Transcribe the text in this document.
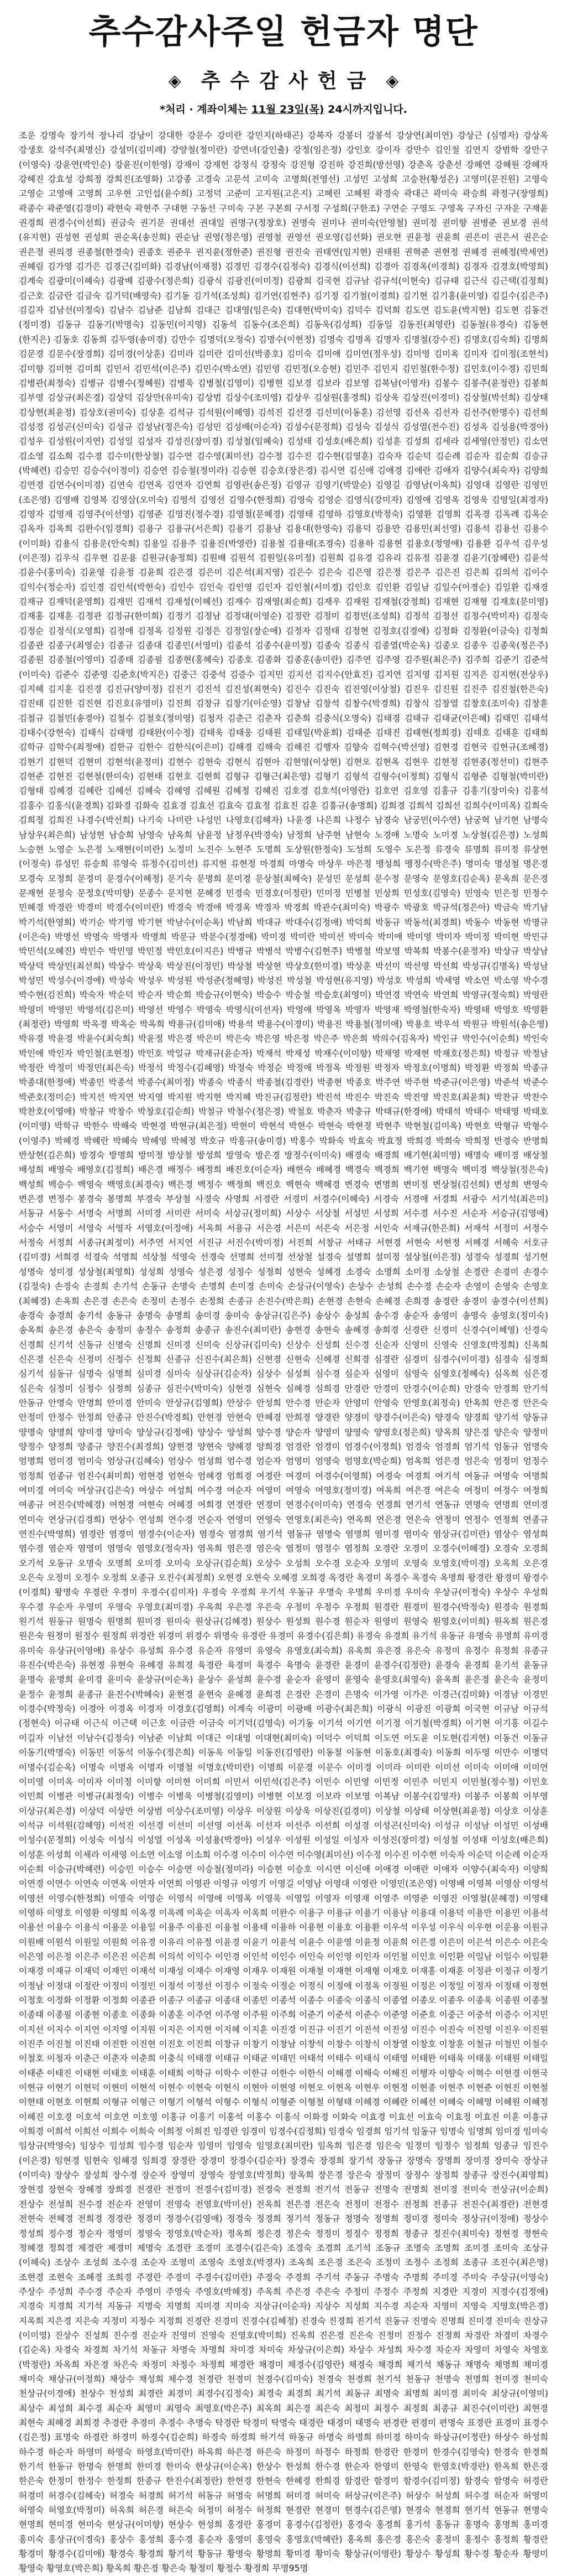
추수감사주일 헌금자 명단
◈ 추수감사헌금 ◈
*처리 · 계좌이체는 11월 23일(목) 24시까지입니다.
조운 강명숙 장기석 장나리 강낭이 강대한 강문수 강미란 강민지(하태곤) 강복자 강봉더 강봉석 강상연(최미연) 강상근 (심명자) 강상옥 강생호 강석주(최명신) 강성미(김미례) 강양철(정미란) 강연녀(강인출) 강정(임은정) 강인호 강이자 강만수 김인철 김연지 강범학 강만구(이영숙) 강윤연(박인순) 강윤진(이한영) 강재이 강재헌 강정식 강정숙 강진형 강진하 강진희(방선영) 강춘옥 강춘선 강혜연 강혜원 강혜자 강혜진 강효성 강희정 강희진(조영화) 고강종 고경숙 고문석 고미숙 고명희(전영선) 고성민 고성희 고승찬(황성은) 고영미(문진원) 고영숙 고영순 고영애 고영희 고우현 고인섭(윤수희) 고정덕 고준미 고지원(고은지) 고혜린 고혜원 곽경숙 곽대근 곽미숙 곽승희 곽정구(장영희) 곽종수 곽준영(김경미) 곽현숙 곽현주 구대현 구동선 구미숙 구본 구본희 구서정 구성희(구한조) 구연순 구영도 구영옥 구자신 구자운 구재윤 권경희 권경수(이선희) 권금숙 권기문 권대선 권대일 권명구(정창호) 권명숙 권미나 권미숙(안영철) 권미정 권미향 권병준 권보경 권석(유지현) 권성현 권성희 권순옥(송진희) 권순남 권영(정은영) 권영철 권영선 권오영(김선화) 권오현 권윤정 권윤희 권은미 권은서 권은순 권은정 권의경 권종철(한경숙) 권종호 권준우 권지윤(정한준) 권진형 권진숙 권태연(임지현) 권태원 권혁준 권현정 권혜경 권혜정(박세연) 권혜림 김가영 김가은 김경근(김미화) 김경남(이재정) 김경민 김경수(김정숙) 김경식(이선희) 김경아 김경옥(이경희) 김경자 김경호(박영희) 김계숙 김광미(이혜숙) 김광배 김광수(정은희) 김광식 김광진(이미정) 김광희 김국현 김규남 김규석(이현숙) 김규태 김근식 김근택(김정희) 김근호 김금란 김금숙 김기덕(배영숙) 김기동 김기석(조성희) 김기연(김현주) 김기정 김기철(이경희) 김기현 김기홍(윤미영) 김길수(김은주) 김길자 김남선(이정숙) 김남수 김남준 김남희 김대근 김대영(임은숙) 김대현(박미숙) 김덕수 김덕희 김도연 김도윤(박지현) 김도현 김동건(정미경) 김동규 김동기(박명숙) 김동민(이지영) 김동석 김동수(조은희) 김동욱(김성희) 김동일 김동진(최영란) 김동철(유경숙) 김동현(한지은) 김동호 김동희 김두영(송미경) 김만수 김명덕(오정숙) 김명수(이현정) 김명숙 김명옥 김명자 김명철(강수진) 김명호(김숙희) 김명희 김문경 김문수(장경희) 김미경(이상훈) 김미라 김미란 김미선(박종호) 김미숙 김미애 김미연(정우성) 김미영 김미옥 김미자 김미정(조현석) 김미향 김미현 김미희 김민서 김민석(이은주) 김민수(박소연) 김민영 김민정(오승현) 김민주 김민지 김민철(한수정) 김민호(이수경) 김민희 김병관(최정숙) 김병규 김병수(정혜원) 김병욱 김병철(김영미) 김병현 김보경 김보라 김보영 김복남(이영자) 김봉수 김봉주(윤정란) 김봉희 김부영 김상규(최은경) 김상덕 김상만(유미숙) 김상범 김상수(조미영) 김상우 김상원(홍경희) 김상욱 김상진(이경미) 김상철(박선희) 김상태 김상현(최윤정) 김상호(권미숙) 김상훈 김석규 김석원(이혜영) 김석진 김선경 김선미(이동훈) 김선영 김선옥 김선자 김선주(한명수) 김선희 김성경 김성곤(신미숙) 김성규 김성남(정은숙) 김성민 김성배(이순자) 김성수(문정희) 김성숙 김성식 김성열(전수진) 김성옥 김성용(박경아) 김성우 김성원(이지연) 김성일 김성자 김성진(장미경) 김성철(임혜숙) 김성태 김성호(배은희) 김성훈 김성희 김세라 김세영(안정민) 김소연 김소영 김소희 김수경 김수미(한상철) 김수연 김수영(최미선) 김수정 김수진 김수현(김영훈) 김숙자 김순덕 김순례 김순자 김순희 김승규(박혜련) 김승민 김승수(이정미) 김승연 김승철(정미라) 김승현 김승호(장은경) 김시연 김신애 김애경 김애란 김애자 김양수(최숙자) 김양희 김연경 김연수(이미경) 김연숙 김연옥 김연자 김연희 김영관(송은정) 김영규 김영기(박말순) 김영길 김영남(이옥희) 김영대 김영란 김영민(조은영) 김영배 김영복 김영삼(오미숙) 김영석 김영선 김영수(한정희) 김영숙 김영순 김영식(강미자) 김영애 김영옥 김영욱 김영일(최경자) 김영자 김영재 김영주(이선영) 김영준 김영진(정수경) 김영철(문혜경) 김영태 김영하 김영호(박정숙) 김영환 김영희 김옥경 김옥례 김옥순 김옥자 김옥희 김완수(임경희) 김용구 김용규(서은희) 김용기 김용남 김용대(한영숙) 김용덕 김용만 김용민(최선영) 김용석 김용선 김용수(이미화) 김용식 김용운(안숙희) 김용일 김용주 김용진(박영란) 김용철 김용태(조경숙) 김용하 김용현 김용호(정영애) 김용환 김우석 김우성(이은정) 김우식 김우현 김운용 김원규(송정희) 김원배 김원석 김원일(유미정) 김원희 김유경 김유리 김유정 김윤경 김윤기(장혜란) 김윤석 김윤수(홍미숙) 김윤영 김윤정 김윤희 김은경 김은미 김은석(최지영) 김은수 김은숙 김은영 김은정 김은주 김은진 김은희 김의석 김이수 김익수(정순자) 김인경 김인석(박현숙) 김인수 김인숙 김인영 김인자 김인철(서미경) 김인호 김인환 김일남 김일수(이경순) 김일환 김재경 김재규 김재덕(윤영희) 김재민 김재석 김재성(이혜선) 김재수 김재영(최순희) 김재우 김재원 김재철(강정희) 김재현 김재형 김재호(문미영) 김재홍 김재훈 김정관 김정규(한미희) 김정기 김정남 김정대(이영순) 김정란 김정미 김정민(조성희) 김정석 김정선 김정수(박미자) 김정숙 김정순 김정식(오영희) 김정애 김정옥 김정원 김정은 김정일(장순애) 김정자 김정태 김정현 김정호(김경애) 김정화 김정환(이금숙) 김정희 김종관 김종구(최영순) 김종규 김종대 김종민(서영미) 김종석 김종수(윤미정) 김종숙 김종식 김종열(박순옥) 김종오 김종우 김종욱(정은주) 김종원 김종철(이영미) 김종태 김종필 김종현(홍혜숙) 김종호 김종화 김종훈(송미란) 김주연 김주영 김주원(최은주) 김주희 김준기 김준석(이미숙) 김준수 김준영 김준호(박지은) 김중근 김중석 김증수 김지민 김지선 김지수(안효진) 김지연 김지영 김지원 김지은 김지현(전상우) 김지혜 김지훈 김진경 김진규(양미정) 김진기 김진석 김진성(최현숙) 김진수 김진숙 김진영(이상철) 김진우 김진원 김진주 김진철(한은숙) 김진태 김진한 김진현 김진호(유영미) 김진희 김창규 김창기(이순영) 김창남 김창석 김창수(박경희) 김창식 김창열 김창호(조미숙) 김창훈 김철규 김철민(송경아) 김철수 김철호(정미영) 김청자 김춘근 김춘자 김춘희 김충식(오명숙) 김태경 김태규 김태균(이은혜) 김태민 김태석 김태수(강현숙) 김태식 김태영 김태완(이수정) 김태욱 김태웅 김태원 김태일(박윤희) 김태준 김태진 김태현(정희경) 김태호 김태훈 김태희 김학규 김학수(최정애) 김한규 김한수 김한식(이은미) 김해경 김해숙 김해진 김행자 김향숙 김혁수(박선영) 김현경 김현국 김현규(조혜경) 김현기 김현덕 김현미 김현석(윤정미) 김현수 김현숙 김현식 김현아 김현영(이상현) 김현오 김현옥 김현우 김현정 김현종(정선미) 김현주 김현준 김현진 김현철(한미숙) 김현태 김현호 김현희 김형규 김형근(최은영) 김형기 김형석 김형수(이정희) 김형식 김형준 김형철(박미란) 김형태 김혜경 김혜란 김혜선 김혜숙 김혜영 김혜원 김혜정 김혜진 김호경 김호석(이영란) 김호연 김호영 김홍규 김홍기(장미숙) 김홍석 김홍수 김홍식(윤경희) 김화경 김화숙 김효경 김효선 김효숙 김효정 김효진 김훈 김흥규(송명희) 김희경 김희석 김희선 김희수(이미옥) 김희숙 김희정 김희진 나경수(박선희) 나기숙 나미란 나성민 나영호(김혜자) 나윤경 나은희 나정수 남경숙 남궁민(이수연) 남궁혁 남기현 남명숙 남상우(최은희) 남성현 남승희 남영숙 남옥희 남윤정 남정우(박경숙) 남정희 남주현 남현숙 노경애 노명숙 노미경 노상철(김은경) 노성희 노승현 노영순 노은정 노재현(이미란) 노정미 노진수 노현주 도명희 도상원(한정숙) 도성희 도영수 도은정 류경숙 류명희 류미정 류상현(이정숙) 류성민 류승희 류영숙 류정수(김미선) 류지현 류현정 마경희 마명숙 마상우 마은정 맹성희 맹정수(박은주) 명미숙 명성철 명은경 모경숙 모정희 문경미 문경수(이혜정) 문기숙 문명희 문미경 문상철(최혜숙) 문성민 문성희 문수정 문영숙 문영호(김순옥) 문옥희 문은경 문재현 문정숙 문정호(박미향) 문종수 문지현 문혜경 민경숙 민경호(이정란) 민미정 민병철 민상희 민성호(김영숙) 민영숙 민은정 민정수 민혜경 박경란 박경미 박경수(이미란) 박경숙 박경애 박경옥 박경자 박경희 박관수(최미숙) 박광수 박광호 박규석(정은아) 박금숙 박기남 박기석(한영희) 박기순 박기영 박기현 박남수(이순옥) 박남희 박대규 박대수(김정애) 박덕희 박동규 박동석(최경희) 박동수 박동현 박명규(이은숙) 박명선 박명숙 박명자 박명희 박문규 박문수(정경애) 박미경 박미란 박미선 박미숙 박미애 박미영 박미자 박미정 박미현 박민규 박민석(오혜진) 박민수 박민영 박민정 박민호(이지은) 박병규 박병석 박병수(김현주) 박병철 박보영 박복희 박봉수(윤정자) 박상규 박상남 박상덕 박상민(최선희) 박상수 박상욱 박상진(이정민) 박상철 박상현 박상호(한미경) 박상훈 박선미 박선영 박선희 박성규(김명옥) 박성남 박성민 박성수(이경애) 박성숙 박성우 박성원 박성준(정혜영) 박성진 박성철 박성현(유지영) 박성호 박성희 박세영 박소연 박소영 박수경 박수현(김진희) 박숙자 박순덕 박순자 박순희 박승규(이현숙) 박승수 박승철 박승호(최영미) 박연경 박연숙 박연희 박영규(정숙희) 박영란 박영미 박영민 박영석(김은미) 박영선 박영수 박영숙 박영식(이선자) 박영애 박영옥 박영자 박영재 박영철(한숙자) 박영태 박영호 박영환(최정란) 박영희 박옥경 박옥순 박옥희 박용규(김미애) 박용석 박용수(이경미) 박용진 박용철(정미애) 박용호 박우석 박원규 박원석(송은영) 박유경 박윤경 박윤수(최숙희) 박윤정 박은경 박은미 박은숙 박은영 박은정 박은주 박은희 박의수(김옥자) 박인규 박인수(이순희) 박인숙 박인애 박인자 박인철(조현정) 박인호 박일규 박재규(윤순자) 박재석 박재성 박재수(이미향) 박재영 박재현 박재호(정은희) 박정규 박정남 박정란 박정미 박정민(최은숙) 박정석 박정수(김혜영) 박정숙 박정순 박정애 박정옥 박정원 박정자 박정호(이명희) 박정환 박정희 박종규 박종대(한정애) 박종민 박종석 박종수(최미정) 박종숙 박종식 박종철(김경란) 박종현 박종호 박주연 박주현 박준규(이은영) 박준석 박준수 박준호(정미순) 박지선 박지연 박지영 박지원 박지현 박지혜 박진규(김정란) 박진석 박진수 박진숙 박진영 박진호(최윤희) 박찬규 박찬수 박찬호(이영애) 박창규 박창수 박창호(김순희) 박철규 박철수(정은경) 박철호 박춘자 박충규 박태규(한경애) 박태석 박태수 박태영 박태호(이미영) 박학규 박한수 박해숙 박현경 박현규(최은정) 박현미 박현석 박현수 박현숙 박현정 박현주 박현철(김미옥) 박현호 박형규 박형수(이영주) 박혜경 박혜란 박혜숙 박혜영 박혜정 박호규 박홍규(송미경) 박홍수 박화숙 박효숙 박효정 박희경 박희숙 박희정 반경숙 반명희 반상현(김은희) 방경숙 방명희 방미정 방상철 방성희 방영숙 방은경 방정수(이미숙) 배경숙 배경희 배기현(최미영) 배명숙 배미경 배상철 배성희 배영숙 배영호(김정희) 배은경 배정수 배정희 배진호(이순자) 배현숙 배혜경 백경숙 백경희 백기현 백명숙 백미경 백상철(정은숙) 백성희 백승수 백영숙 백영호(최경숙) 백은경 백정수 백정희 백진호 백현숙 백혜경 변경숙 변명희 변미정 변상철(김선희) 변성희 변영숙 변은경 변정수 봉경숙 봉명희 부경숙 부상철 사경숙 사명희 서경란 서경미 서경수(이혜숙) 서경숙 서경애 서경희 서광수 서기석(최은미) 서동규 서동수 서명숙 서명희 서미경 서미란 서미숙 서상규(정미희) 서상수 서상철 서성민 서성희 서수경 서수진 서순자 서승규(김영애) 서승수 서영미 서영숙 서영자 서영호(이정애) 서옥희 서용규 서은경 서은미 서은숙 서은정 서인숙 서재규(한은희) 서재석 서정미 서정수 서정숙 서정희 서종규(최정미) 서주연 서지연 서진규 서진수(박미정) 서진희 서창규 서태규 서현경 서현숙 서현정 서혜경 서혜숙 서호규(김미경) 서희경 석경숙 석명희 석상철 석영숙 선경숙 선명희 선미정 선상철 설경숙 설명희 설미정 설상철(이은정) 성경숙 성경희 성기현 성명숙 성미경 성상철(최영희) 성성희 성영숙 성은경 성정수 성정희 성현숙 성혜경 소경숙 소명희 소미정 소상철 손경란 손경미 손경수(김정숙) 손경숙 손경희 손기석 손동규 손명숙 손명희 손미경 손미숙 손상규(이영숙) 손상수 손성희 손수경 손순자 손영미 손영숙 손영호(최혜경) 손옥희 손은경 손은숙 손정미 손정수 손정희 손종규 손진수(박은희) 손현경 손현숙 손혜경 손희경 송경란 송경미 송경수(이선희) 송경숙 송경희 송기석 송동규 송명숙 송명희 송미경 송미숙 송상규(김은주) 송상수 송성희 송수경 송순자 송영미 송영숙 송영호(정미숙) 송옥희 송은경 송은숙 송정미 송정수 송정희 송종규 송진수(최미란) 송현경 송현숙 송혜경 송희경 신경란 신경미 신경수(이혜영) 신경숙 신경희 신기석 신동규 신명숙 신명희 신미경 신미숙 신상규(김미숙) 신상수 신성희 신수경 신순자 신영미 신영숙 신영호(박정희) 신옥희 신은경 신은숙 신정미 신정수 신정희 신종규 신진수(최은희) 신현경 신현숙 신혜경 신희경 심경란 심경미 심경수(이미경) 심경숙 심경희 심기석 심동규 심명숙 심명희 심미경 심미숙 심상규(김순자) 심상수 심성희 심수경 심순자 심영미 심영숙 심영호(정혜숙) 심옥희 심은경 심은숙 심정미 심정수 심정희 심종규 심진수(박미숙) 심현경 심현숙 심혜경 심희경 안경란 안경미 안경수(이순희) 안경숙 안경희 안기석 안동규 안명숙 안명희 안미경 안미숙 안상규(김영희) 안상수 안성희 안수경 안순자 안영미 안영숙 안영호(최정숙) 안옥희 안은경 안은숙 안정미 안정수 안정희 안종규 안진수(박경희) 안현경 안현숙 안혜경 안희경 양경란 양경미 양경수(이은숙) 양경숙 양경희 양기석 양동규 양명숙 양명희 양미경 양미숙 양상규(김정애) 양상수 양성희 양수경 양순자 양영미 양영숙 양영호(정은희) 양옥희 양은경 양은숙 양정미 양정수 양정희 양종규 양진수(최경희) 양현경 양현숙 양혜경 양희경 엄경란 엄경미 엄경수(이정희) 엄경숙 엄경희 엄기석 엄동규 엄명숙 엄명희 엄미경 엄미숙 엄상규(김혜숙) 엄상수 엄성희 엄수경 엄순자 엄영미 엄영숙 엄영호(박순희) 엄옥희 엄은경 엄은숙 엄정미 엄정수 엄정희 엄종규 엄진수(최미희) 엄현경 엄현숙 엄혜경 엄희경 여경란 여경미 여경수(이영희) 여경숙 여경희 여기석 여동규 여명숙 여명희 여미경 여미숙 여상규(김은숙) 여상수 여성희 여수경 여순자 여영미 여영숙 여영호(정미경) 여옥희 여은경 여은숙 여정미 여정수 여정희 여종규 여진수(박혜경) 여현경 여현숙 여혜경 여희경 연경란 연경미 연경수(이미숙) 연경숙 연경희 연기석 연동규 연명숙 연명희 연미경 연미숙 연상규(김경희) 연상수 연성희 연수경 연순자 연영미 연영숙 연영호(최은숙) 연옥희 연은경 연은숙 연정미 연정수 연정희 연종규 연진수(박영희) 염경란 염경미 염경수(이순자) 염경숙 염경희 염기석 염동규 염명숙 염명희 염미경 염미숙 염상규(김미란) 염상수 염성희 염수경 염순자 염영미 염영숙 염영호(정숙자) 염옥희 염은경 염은숙 염정미 염정수 염정희 오경란 오경미 오경수(이혜경) 오경숙 오경희 오기석 오동규 오명숙 오명희 오미경 오미숙 오상규(김순희) 오상수 오성희 오수경 오순자 오영미 오영숙 오영호(박미경) 오옥희 오은경 오은숙 오정미 오정수 오정희 오종규 오진수(최정희) 오현경 오현숙 오혜경 오희경 옥경란 옥경미 옥경수 옥경숙 옥명희 왕경란 왕경미 왕경수(이경희) 왕명숙 우경란 우경미 우경수(김미자) 우경숙 우경희 우기석 우동규 우명숙 우명희 우미경 우미숙 우상규(이정숙) 우상수 우성희 우수경 우순자 우영미 우영숙 우영호(최미경) 우옥희 우은경 우은숙 우정미 우정수 우정희 원경란 원경미 원경수(박정숙) 원경숙 원경희 원기석 원동규 원명숙 원명희 원미경 원미숙 원상규(김혜경) 원상수 원성희 원수경 원순자 원영미 원영숙 원영호(이미희) 원옥희 원은경 원은숙 원정미 원정수 원정희 위경란 위경미 위경수 위명숙 유경란 유경미 유경수(김은희) 유경숙 유경희 유기석 유동규 유명숙 유명희 유미경 유미숙 유상규(이영애) 유상수 유성희 유수경 유순자 유영미 유영숙 유영호(최숙희) 유옥희 유은경 유은숙 유정미 유정수 유정희 유종규 유진수(박은숙) 유현경 유현숙 유혜경 유희경 육경란 육경미 육경수 육명숙 윤경란 윤경미 윤경수(김정란) 윤경숙 윤경희 윤기석 윤동규 윤명숙 윤명희 윤미경 윤미숙 윤상규(이순옥) 윤상수 윤성희 윤수경 윤순자 윤영미 윤영숙 윤영호(최영숙) 윤옥희 윤은경 윤은숙 윤정미 윤정수 윤정희 윤종규 윤진수(박혜숙) 윤현경 윤현숙 윤혜경 윤희경 은경란 은경미 은명숙 이가영 이가은 이경근(김미화) 이경남 이경민 이경수(박정숙) 이경아 이경옥 이경자 이경호(김영희) 이계숙 이광미 이광배 이광수(최은희) 이광식 이광진 이광희 이국현 이규남 이규석(정현숙) 이규태 이근식 이근택 이근호 이금란 이금숙 이기덕(김영숙) 이기동 이기석 이기연 이기정 이기철(박경희) 이기현 이기홍 이길수 이길자 이남선 이남수(김정숙) 이남준 이남희 이대근 이대영 이대현(최미숙) 이덕수 이덕희 이도연 이도윤 이도현(김지현) 이동건 이동규 이동기(박명숙) 이동민 이동석 이동수(정은희) 이동욱 이동일 이동진(김영란) 이동철 이동현 이동호(최경숙) 이동희 이두영 이만수 이명덕 이명수(김순옥) 이명숙 이명옥 이명자 이명철 이명호(박미란) 이명희 이문경 이문수 이미경 이미라 이미란 이미선 이미숙 이미애 이미연 이미영 이미옥 이미자 이미정 이미향 이미현 이미희 이민서 이민석(김은주) 이민수 이민영 이민정 이민주 이민지 이민철(정수정) 이민호 이민희 이병관 이병규(최정숙) 이병수 이병욱 이병철(김영미) 이병현 이보경 이보라 이보영 이복남 이봉수(김영자) 이봉주 이봉희 이부영 이상규(최은경) 이상덕 이상만 이상범 이상수(조미영) 이상우 이상원 이상욱 이상진(김경미) 이상철 이상태 이상현(최윤정) 이상호 이상훈 이석규 이석원(김혜영) 이석진 이선경 이선미 이선영 이선옥 이선자 이선주 이선희 이성경 이성곤(신미숙) 이성규 이성남 이성민 이성배 이성수(문정희) 이성숙 이성식 이성열 이성옥 이성용(박경아) 이성우 이성원 이성일 이성자 이성진(장미경) 이성철 이성태 이성호(배은희) 이성훈 이성희 이세라 이세영 이소연 이소영 이소희 이수경 이수미 이수연 이수영(최미선) 이수정 이수진 이수현 이숙자 이순덕 이순례 이순자 이순희 이승규(박혜련) 이승민 이승수 이승연 이승철(정미라) 이승현 이승호 이시연 이신애 이애경 이애란 이애자 이양수(최숙자) 이양희 이연경 이연수 이연숙 이연옥 이연자 이연희 이영관 이영규 이영기 이영길 이영남 이영대 이영란 이영민(조은영) 이영배 이영복 이영삼 이영석 이영선 이영수(한정희) 이영숙 이영순 이영식 이영애 이영옥 이영욱 이영일 이영자 이영재 이영주 이영준 이영진 이영철(문혜경) 이영태 이영하 이영호 이영환 이영희 이옥경 이옥례 이옥순 이옥자 이옥희 이완수 이용구 이용규 이용기 이용남 이용대 이용덕 이용만 이용민 이용석 이용선 이용수 이용식 이용운 이용일 이용주 이용진 이용철 이용태 이용하 이용현 이용호 이용환 이우석 이우성 이우식 이우현 이운용 이원규 이원배 이원석 이원일 이원희 이유경 이유리 이유정 이윤경 이윤기 이윤석 이윤수 이윤영 이윤정 이윤희 이은경 이은미 이은석 이은수 이은숙 이은영 이은정 이은주 이은진 이은희 이의석 이익수 이인경 이인석 이인수 이인숙 이인영 이인자 이인철 이인호 이인환 이일남 이일수 이일환 이재경 이재규 이재덕 이재민 이재석 이재성 이재수 이재영 이재우 이재원 이재철 이재현 이재형 이재호 이재홍 이재훈 이정관 이정규 이정기 이정남 이정대 이정란 이정미 이정민 이정석 이정선 이정수 이정숙 이정순 이정식 이정애 이정옥 이정원 이정은 이정일 이정자 이정태 이정현 이정호 이정화 이정환 이정희 이종관 이종구 이종규 이종대 이종민 이종석 이종수 이종숙 이종식 이종열 이종오 이종우 이종욱 이종원 이종철 이종태 이종필 이종현 이종호 이종화 이종훈 이주연 이주영 이주원 이주희 이준기 이준석 이준수 이준영 이준호 이중근 이중석 이증수 이지민 이지선 이지수 이지연 이지영 이지원 이지은 이지현 이지혜 이지훈 이진경 이진규 이진기 이진석 이진성 이진수 이진숙 이진영 이진우 이진원 이진주 이진철 이진태 이진한 이진현 이진호 이진희 이창규 이창기 이창남 이창석 이창수 이창식 이창열 이창호 이창훈 이철규 이철민 이철수 이철호 이청자 이춘근 이춘자 이춘희 이충식 이태경 이태규 이태균 이태민 이태석 이태수 이태식 이태영 이태완 이태욱 이태웅 이태원 이태일 이태준 이태진 이태현 이태호 이태훈 이태희 이학규 이학수 이한규 이한수 이한식 이해경 이해숙 이해진 이행자 이향숙 이혁수 이현경 이현국 이현규 이현기 이현덕 이현미 이현석 이현수 이현숙 이현식 이현아 이현영 이현오 이현옥 이현우 이현정 이현종 이현주 이현준 이현진 이현철 이현태 이현호 이현희 이형규 이형근 이형기 이형석 이형수 이형식 이형준 이형철 이형태 이혜경 이혜란 이혜선 이혜숙 이혜영 이혜원 이혜정 이혜진 이호경 이호석 이호연 이호영 이홍규 이홍기 이홍석 이홍수 이홍식 이화경 이화숙 이효경 이효선 이효숙 이효정 이효진 이훈 이흥규 이희경 이희석 이희선 이희수 이희숙 이희정 이희진 임경란 임경미 임경수(김정희) 임경숙 임경희 임기석 임동규 임명숙 임명희 임미경 임미숙 임상규(박영숙) 임상수 임성희 임수경 임순자 임영미 임영숙 임영호(최미란) 임옥희 임은경 임은숙 임정미 임정수 임정희 임종규 임진수(이은경) 임현경 임현숙 임혜경 임희경 장경란 장경미 장경수(김순자) 장경숙 장경희 장기석 장동규 장명숙 장명희 장미경 장미숙 장상규(이미숙) 장상수 장성희 장수경 장순자 장영미 장영숙 장영호(박정희) 장옥희 장은경 장은숙 장정미 장정수 장정희 장종규 장진수(최영희) 장현경 장현숙 장혜경 장희경 전경란 전경미 전경수(김미경) 전경숙 전경희 전기석 전동규 전명숙 전명희 전미경 전미숙 전상규(이순희) 전상수 전성희 전수경 전순자 전영미 전영숙 전영호(박미선) 전옥희 전은경 전은숙 전정미 전정수 전정희 전종규 전진수(최경란) 전현경 전현숙 전혜경 전희경 정경란 정경미 정경수(김영애) 정경숙 정경희 정기석 정동규 정명숙 정명희 정미경 정미숙 정상규(이정애) 정상수 정성희 정수경 정순자 정영미 정영숙 정영호(박순자) 정옥희 정은경 정은숙 정정미 정정수 정정희 정종규 정진수(최미숙) 정현경 정현숙 정혜경 정희경 제경란 제경미 제명숙 조경란 조경미 조경수(김은숙) 조경숙 조경희 조기석 조동규 조명숙 조명희 조미경 조미숙 조상규(이혜숙) 조상수 조성희 조수경 조순자 조영미 조영숙 조영호(박경자) 조옥희 조은경 조은숙 조정미 조정수 조정희 조종규 조진수(최은영) 조현경 조현숙 조혜경 조희경 주경란 주경미 주경수(김미란) 주경숙 주경희 주기석 주동규 주명숙 주명희 주미경 주미숙 주상규(이영숙) 주상수 주성희 주수경 주순자 주영미 주영숙 주영호(박혜정) 주옥희 주은경 주은숙 주정미 주정수 주정희 지경란 지경미 지경수(김정애) 지경숙 지경희 지기석 지동규 지명숙 지명희 지미경 지미숙 지상규(이순자) 지상수 지성희 지수경 지순자 지영미 지영숙 지영호(박은경) 지옥희 지은경 지은숙 지정미 지정수 지정희 진경란 진경미 진경수(김혜정) 진경숙 진경희 진기석 진동규 진명숙 진명희 진미경 진미숙 진상규(이미영) 진상수 진성희 진수경 진순자 진영미 진영숙 진영호(박미희) 진옥희 진은경 진은숙 진정미 진정수 진정희 차경란 차경미 차경수(김순옥) 차경숙 차경희 차기석 차동규 차명숙 차명희 차미경 차미숙 차상규(이은희) 차상수 차성희 차수경 차순자 차영미 차영숙 차영호(박정란) 차옥희 차은경 차은숙 차정미 차정수 차정희 채경란 채경미 채경수(김영란) 채경숙 채경희 채기석 채동규 채명숙 채명희 채미경 채미숙 채상규(이정희) 채상수 채성희 채수경 천경란 천경미 천경수(김미숙) 천경숙 천경희 천기석 천동규 천명숙 천명희 천미경 천미숙 천상규(이경애) 천상수 천성희 최경란 최경미 최경수(김정숙) 최경숙 최경희 최기석 최동규 최명숙 최명희 최미경 최미숙 최상규(이영미) 최상수 최성희 최수경 최순자 최영미 최영숙 최영호(박은주) 최옥희 최은경 최은숙 최정미 최정수 최정희 최종규 최진수(이미란) 최현경 최현숙 최혜경 최희경 추경란 추경미 추경수 추명숙 탁경란 탁경미 탁명숙 태경란 태경미 태명숙 편경란 편경미 편명숙 표경란 표경미 표경수(김은정) 표명숙 하경란 하경미 하경수(김순희) 하경숙 하경희 하기석 하동규 하명숙 하명희 하미경 하미숙 하상규(이정란) 하상수 하성희 하수경 하순자 하영미 하영숙 하영호(박미란) 하옥희 하은경 하은숙 하정미 하정수 하정희 한경란 한경미 한경수(김영숙) 한경숙 한경희 한기석 한동규 한명숙 한명희 한미경 한미숙 한상규(이순옥) 한상수 한성희 한수경 한순자 한영미 한영숙 한영호(박경란) 한옥희 한은경 한은숙 한정미 한정수 한정희 한종규 한진수(최정란) 한현경 한현숙 한혜경 한희경 함경란 함경미 함경수(김미정) 함경숙 함명숙 허경란 허경미 허경수(김혜숙) 허경숙 허경희 허기석 허동규 허명숙 허명희 허미경 허미숙 허상규(이은주) 허상수 허성희 허수경 허순자 허영미 허영숙 허영호(박정미) 허옥희 허은경 허은숙 허정미 허정수 허정희 현경란 현경미 현경수(김은영) 현경숙 현경희 현기석 현동규 현명숙 현명희 현미경 현미숙 현상규(이미향) 현상수 현성희 홍경란 홍경미 홍경수(김정란) 홍경숙 홍경희 홍기석 홍동규 홍명숙 홍명희 홍미경 홍미숙 홍상규(이경숙) 홍상수 홍성희 홍수경 홍순자 홍영미 홍영숙 홍영호(박혜란) 홍옥희 홍은경 홍은숙 홍정미 홍정수 홍정희 황경란 황경미 황경수(김미애) 황경숙 황경희 황기석 황동규 황명숙 황명희 황미경 황미숙 황상규(이영란) 황상수 황성희 황수경 황순자 황영미 황영숙 황영호(박은희) 황옥희 황은경 황은숙 황정미 황정수 황정희 무명95명
